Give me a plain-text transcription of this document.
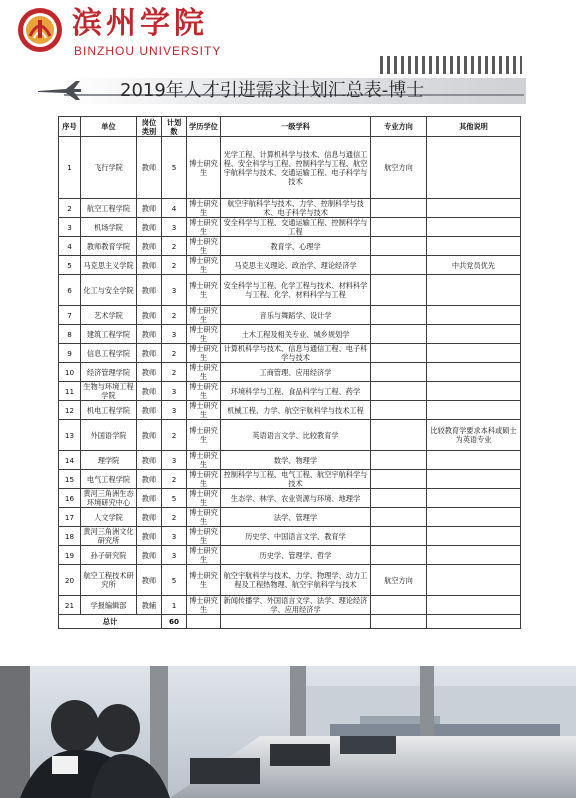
滨州学院
BINZHOU UNIVERSITY
2019年人才引进需求计划汇总表-博士
序号	单位	岗位类别	计划数	学历学位	一级学科	专业方向	其他说明
1	飞行学院	教师	5	博士研究生	光学工程、计算机科学与技术、信息与通信工程、安全科学与工程、控制科学与工程、航空宇航科学与技术、交通运输工程、电子科学与技术	航空方向	
2	航空工程学院	教师	4	博士研究生	航空宇航科学与技术、力学、控制科学与技术、电子科学与技术		
3	机场学院	教师	3	博士研究生	安全科学与工程、交通运输工程、控制科学与工程		
4	教师教育学院	教师	2	博士研究生	教育学、心理学		
5	马克思主义学院	教师	2	博士研究生	马克思主义理论、政治学、理论经济学		中共党员优先
6	化工与安全学院	教师	3	博士研究生	安全科学与工程、化学工程与技术、材料科学与工程、化学、材料科学与工程		
7	艺术学院	教师	2	博士研究生	音乐与舞蹈学、设计学		
8	建筑工程学院	教师	3	博士研究生	土木工程及相关专业、城乡规划学		
9	信息工程学院	教师	2	博士研究生	计算机科学与技术、信息与通信工程、电子科学与技术		
10	经济管理学院	教师	2	博士研究生	工商管理、应用经济学		
11	生物与环境工程学院	教师	3	博士研究生	环境科学与工程、食品科学与工程、药学		
12	机电工程学院	教师	3	博士研究生	机械工程、力学、航空宇航科学与技术工程		
13	外国语学院	教师	2	博士研究生	英语语言文学、比较教育学		比较教育学要求本科或硕士为英语专业
14	理学院	教师	3	博士研究生	数学、物理学		
15	电气工程学院	教师	2	博士研究生	控制科学与工程、电气工程、航空宇航科学与技术		
16	黄河三角洲生态环境研究中心	教师	5	博士研究生	生态学、林学、农业资源与环境、地理学		
17	人文学院	教师	2	博士研究生	法学、管理学		
18	黄河三角洲文化研究所	教师	3	博士研究生	历史学、中国语言文学、教育学		
19	孙子研究院	教师	3	博士研究生	历史学、管理学、哲学		
20	航空工程技术研究所	教师	5	博士研究生	航空宇航科学与技术、力学、物理学、动力工程及工程热物理、航空宇航科学与技术	航空方向	
21	学报编辑部	教辅	1	博士研究生	新闻传播学、外国语言文学、法学、理论经济学、应用经济学		
总计			60				
